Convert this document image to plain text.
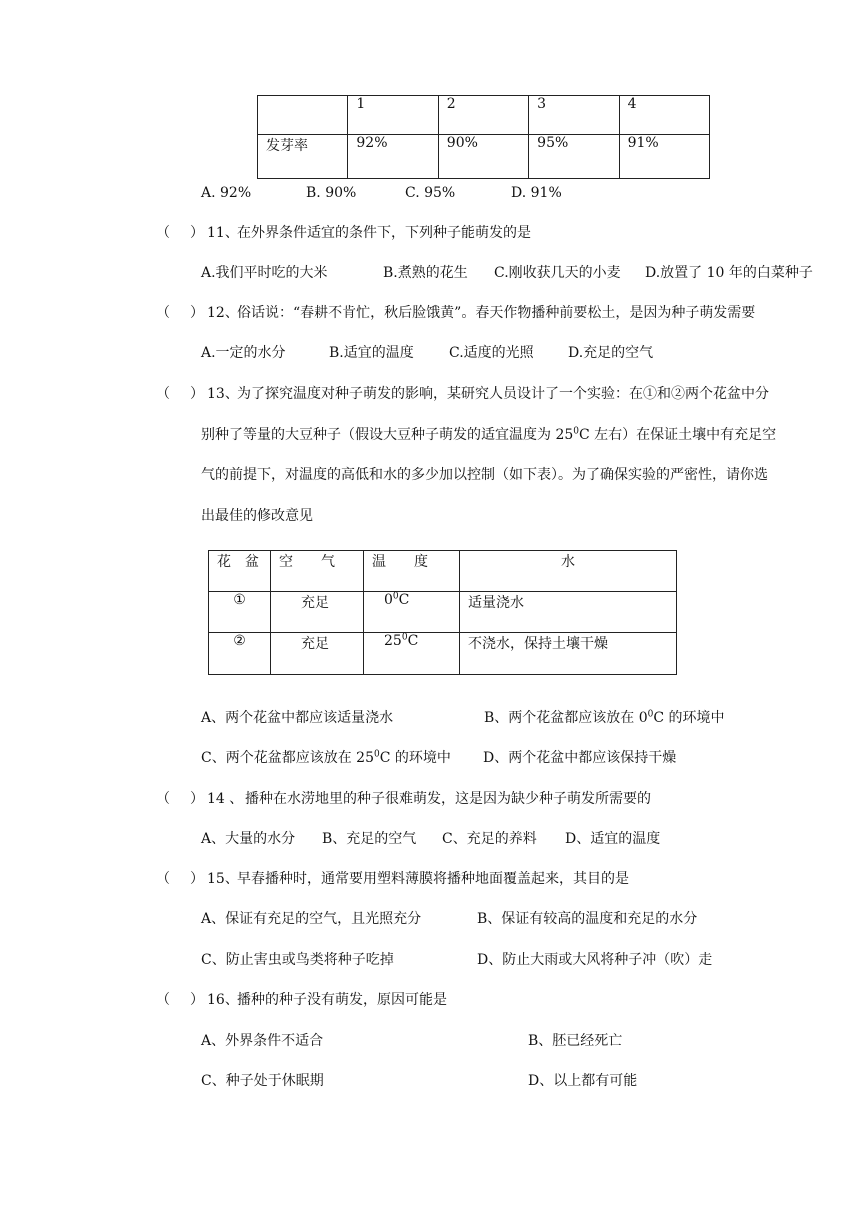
	1	2	3	4
发芽率	92%	90%	95%	91%
A. 92%	B. 90%	C. 95%	D. 91%
（ ） 11、
在外界条件适宜的条件下，下列种子能萌发的是
A.我们平时吃的大米	B.煮熟的花生 C.刚收获几天的小麦 D.放置了 10 年的白菜种子
（ ） 12、
俗话说：“春耕不肯忙，秋后脸饿黄”。春天作物播种前要松土，是因为种子萌发需要
A.一定的水分	B.适宜的温度	C.适度的光照 D.充足的空气
（ ） 13、
为了探究温度对种子萌发的影响，某研究人员设计了一个实验：在①和②两个花盆中分
别种了等量的大豆种子（假设大豆种子萌发的适宜温度为 $25^0C$ 左右）在保证土壤中有充足空
气的前提下，对温度的高低和水的多少加以控制（如下表）。为了确保实验的严密性，请你选
出最佳的修改意见
花　盆	空　　气	温　　度	水
①	充足	$0^0C$	适量浇水
②	充足	$25^0C$	不浇水，保持土壤干燥
A、两个花盆中都应该适量浇水	B、两个花盆都应该放在 $0^0C$ 的环境中
C、两个花盆都应该放在 $25^0C$ 的环境中 D、两个花盆中都应该保持干燥
（ ） 14 、 播种在水涝地里的种子很难萌发，这是因为缺少种子萌发所需要的
A、大量的水分 B、充足的空气 C、充足的养料 D、适宜的温度
（ ） 15、
早春播种时，通常要用塑料薄膜将播种地面覆盖起来，其目的是
A、保证有充足的空气，且光照充分	B、保证有较高的温度和充足的水分
C、防止害虫或鸟类将种子吃掉	D、防止大雨或大风将种子冲（吹）走
（ ） 16、
播种的种子没有萌发，原因可能是
A、外界条件不适合	B、胚已经死亡
C、种子处于休眠期	D、以上都有可能
